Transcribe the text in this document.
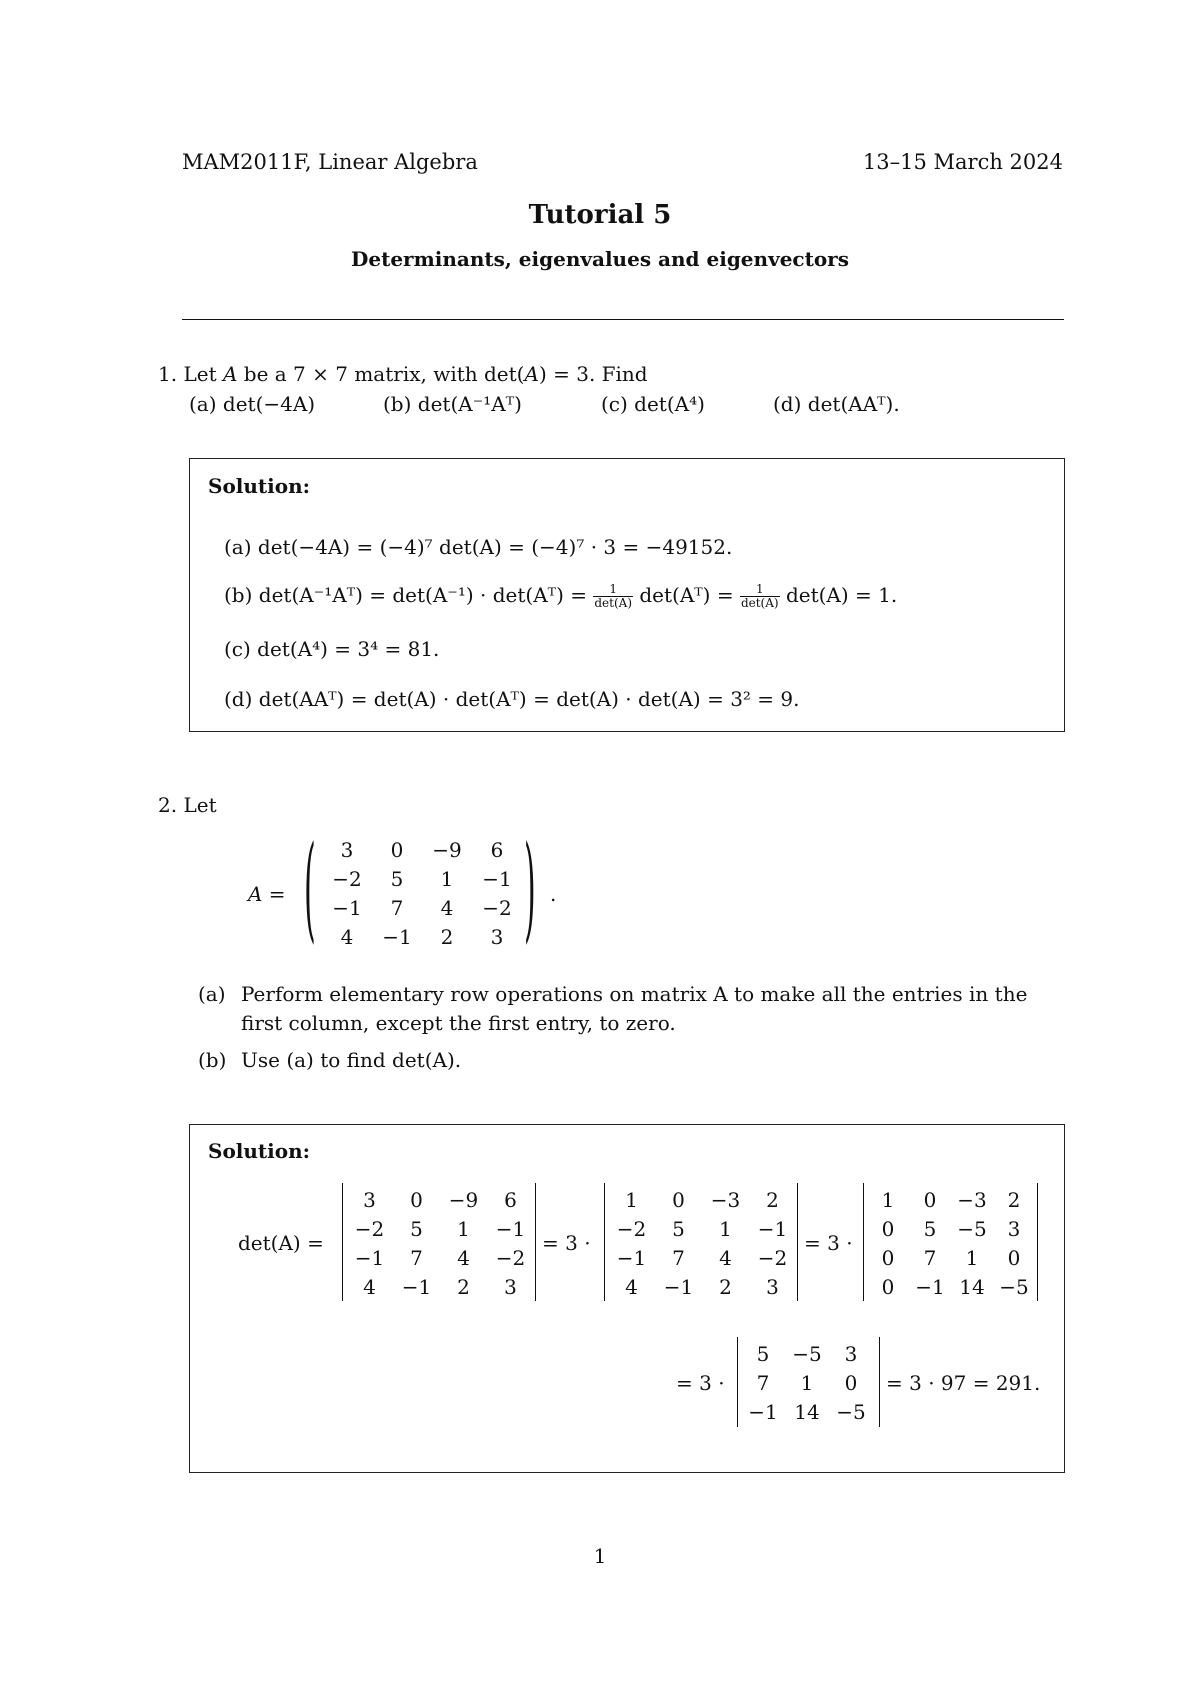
MAM2011F, Linear Algebra	13–15 March 2024
Tutorial 5
Determinants, eigenvalues and eigenvectors
1. Let A be a 7 × 7 matrix, with det(A) = 3. Find
(a) det(−4A)	(b) det(A⁻¹Aᵀ)	(c) det(A⁴)	(d) det(AAᵀ).
Solution:
(a) det(−4A) = (−4)⁷ det(A) = (−4)⁷ · 3 = −49152.
(b) det(A⁻¹Aᵀ) = det(A⁻¹) · det(Aᵀ) = $\frac{1}{\det(A)}$ det(Aᵀ) = $\frac{1}{\det(A)} \det(A) = 1$.
(c) det(A⁴) = 3⁴ = 81.
(d) det(AAᵀ) = det(A) · det(Aᵀ) = det(A) · det(A) = 3² = 9.
2. Let
A = ( 3	0	−9	6
−2	5	1	−1
−1	7	4	−2
4	−1	2	3 ) .
(a) Perform elementary row operations on matrix A to make all the entries in the
first column, except the first entry, to zero.
(b) Use (a) to find det(A).
Solution:
det(A) =
3	0	−9	6
−2	5	1	−1
−1	7	4	−2
4	−1	2	3
= 3 ·
1	0	−3	2
−2	5	1	−1
−1	7	4	−2
4	−1	2	3
= 3 ·
1	0	−3	2
0	5	−5	3
0	7	1	0
0	−1	14	−5
= 3 ·
5	−5	3
7	1	0
−1	14	−5
= 3 · 97 = 291.
1
